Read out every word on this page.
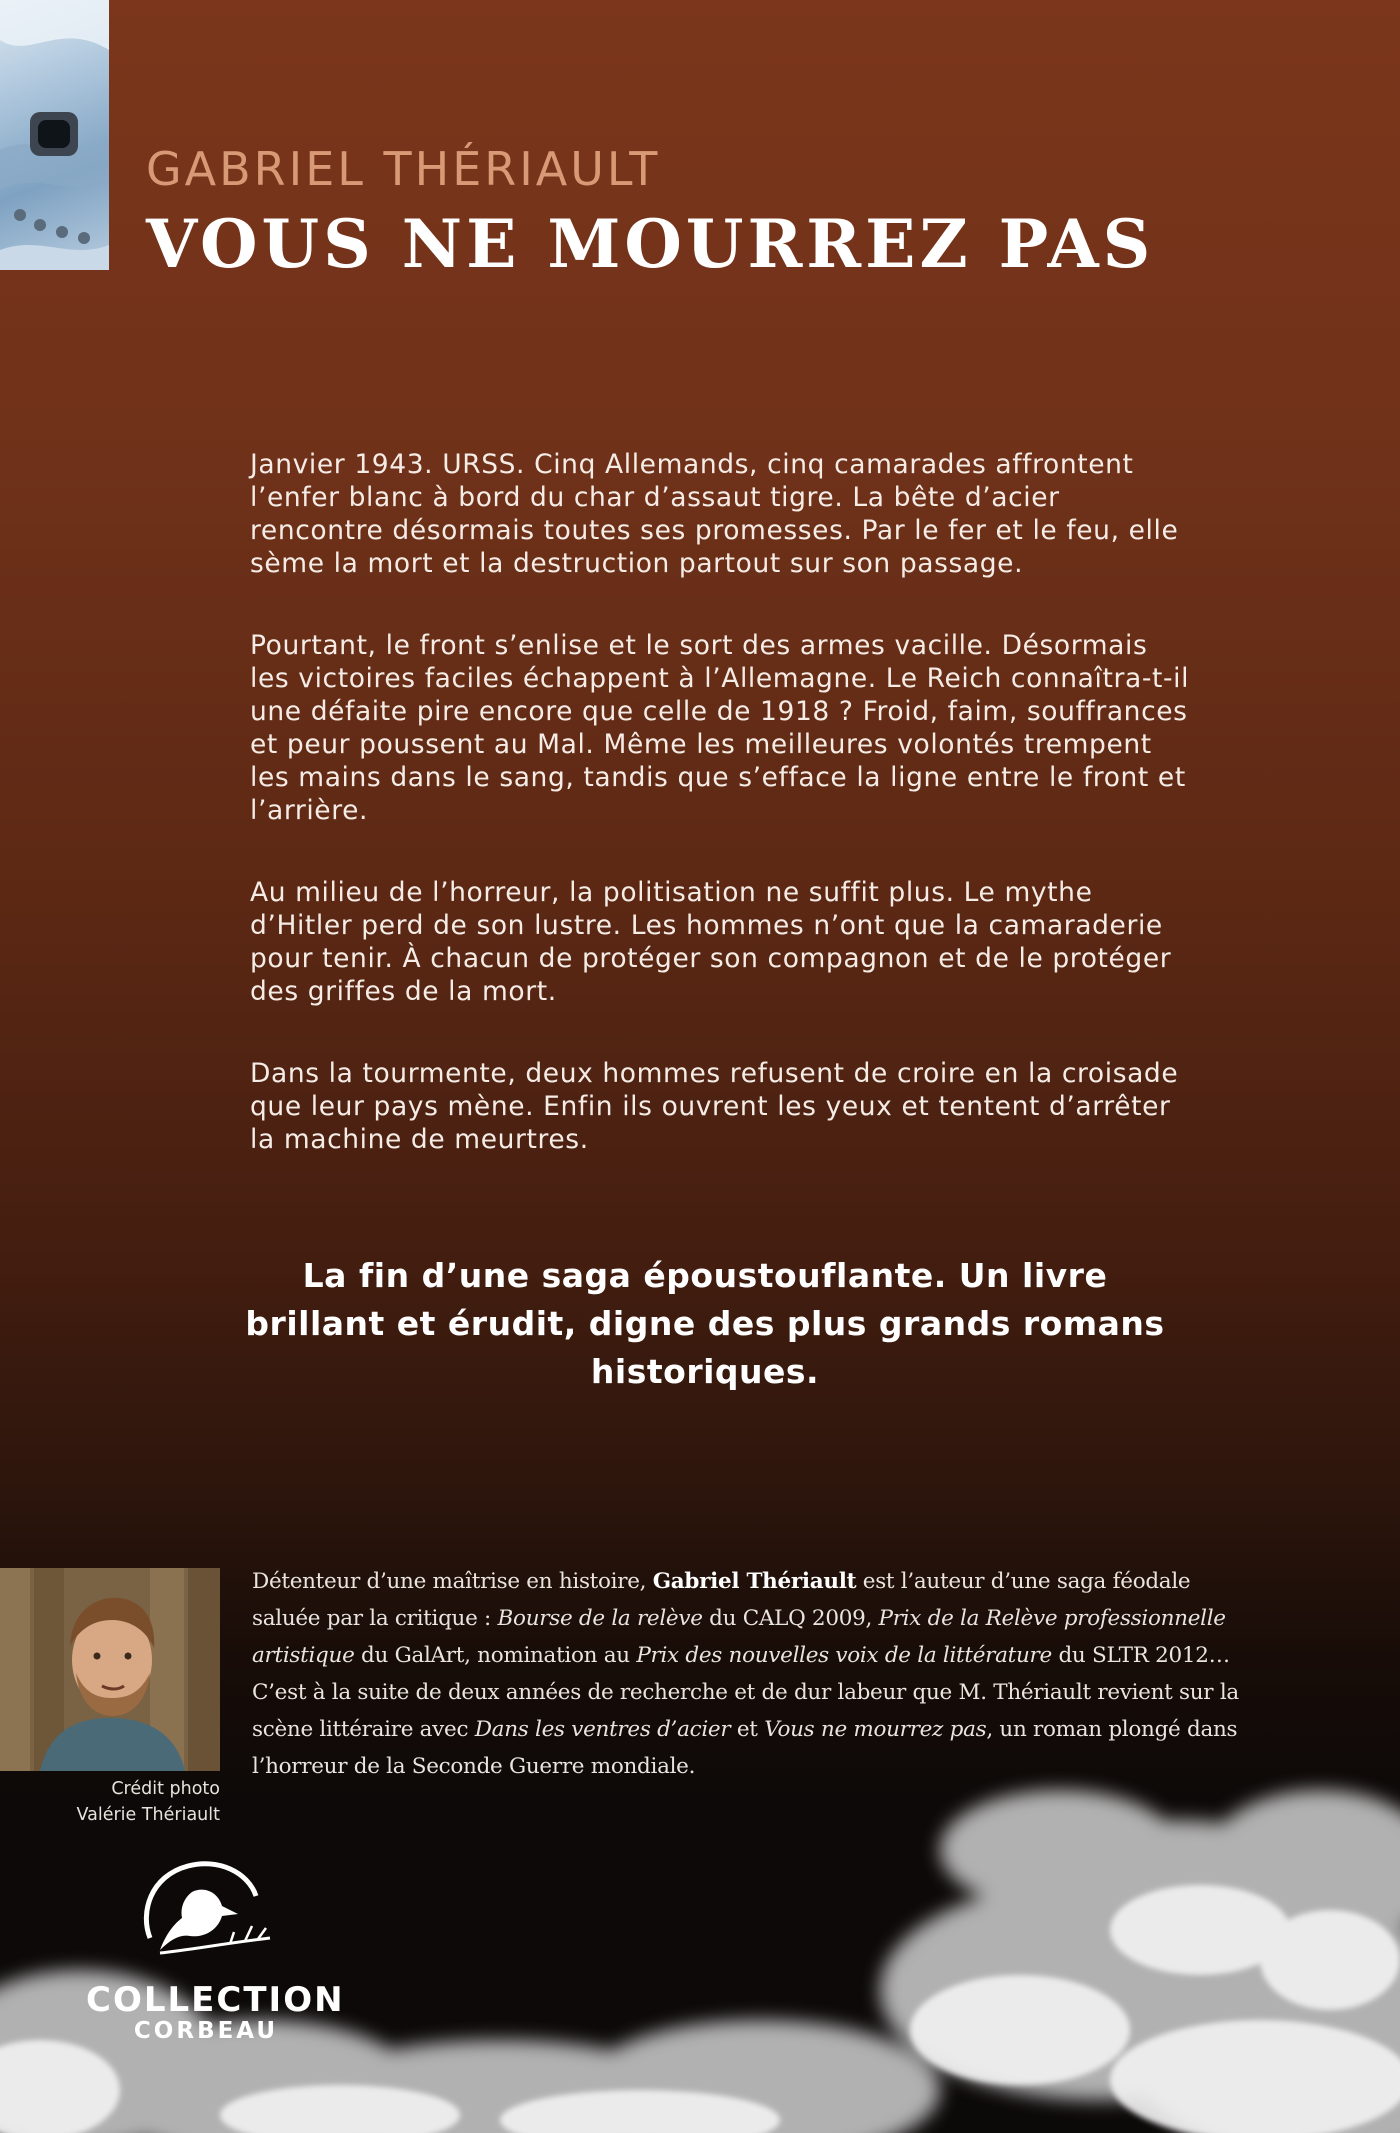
GABRIEL THÉRIAULT
VOUS NE MOURREZ PAS

Janvier 1943. URSS. Cinq Allemands, cinq camarades affrontent l’enfer blanc à bord du char d’assaut tigre. La bête d’acier rencontre désormais toutes ses promesses. Par le fer et le feu, elle sème la mort et la destruction partout sur son passage.

Pourtant, le front s’enlise et le sort des armes vacille. Désormais les victoires faciles échappent à l’Allemagne. Le Reich connaîtra-t-il une défaite pire encore que celle de 1918 ? Froid, faim, souffrances et peur poussent au Mal. Même les meilleures volontés trempent les mains dans le sang, tandis que s’efface la ligne entre le front et l’arrière.

Au milieu de l’horreur, la politisation ne suffit plus. Le mythe d’Hitler perd de son lustre. Les hommes n’ont que la camaraderie pour tenir. À chacun de protéger son compagnon et de le protéger des griffes de la mort.

Dans la tourmente, deux hommes refusent de croire en la croisade que leur pays mène. Enfin ils ouvrent les yeux et tentent d’arrêter la machine de meurtres.

La fin d’une saga époustouflante. Un livre brillant et érudit, digne des plus grands romans historiques.

Crédit photo
Valérie Thériault
Détenteur d’une maîtrise en histoire, Gabriel Thériault est l’auteur d’une saga féodale saluée par la critique : Bourse de la relève du CALQ 2009, Prix de la Relève professionnelle artistique du GalArt, nomination au Prix des nouvelles voix de la littérature du SLTR 2012… C’est à la suite de deux années de recherche et de dur labeur que M. Thériault revient sur la scène littéraire avec Dans les ventres d’acier et Vous ne mourrez pas, un roman plongé dans l’horreur de la Seconde Guerre mondiale.
COLLECTION
CORBEAU
